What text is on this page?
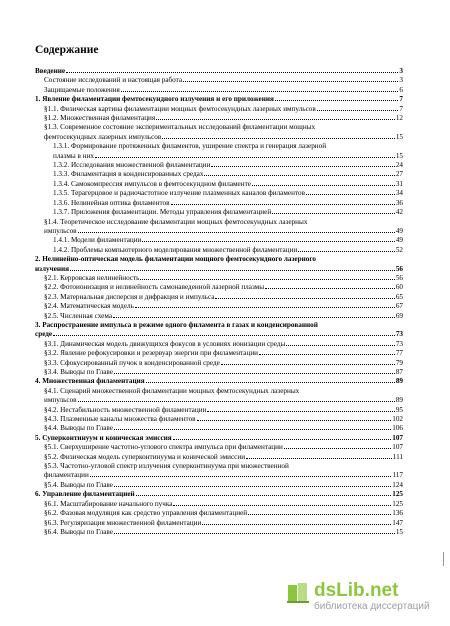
Содержание
Введение	3
Состояние исследований и настоящая работа	3
Защищаемые положения	6
1. Явление филаментации фемтосекундного излучения и его приложения	7
§1.1. Физическая картина филаментации мощных фемтосекундных лазерных импульсов	7
§1.2. Множественная филаментация	12
§1.3. Современное состояние экспериментальных исследований филаментации мощных
фемтосекундных лазерных импульсов	15
1.3.1. Формирование протяженных филаментов, уширение спектра и генерация лазерной
плазмы в них	15
1.3.2. Исследования множественной филаментации	24
1.3.3. Филаментация в конденсированных средах	27
1.3.4. Самокомпрессия импульсов в фемтосекундном филаменте	31
1.3.5. Терагерцовое и радиочастотное излучение плазменных каналов филаментов	34
1.3.6. Нелинейная оптика филаментов	36
1.3.7. Приложения филаментации. Методы управления филаментацией	42
§1.4. Теоретическое исследование филаментации мощных фемтосекундных лазерных
импульсов	49
1.4.1. Модели филаментации	49
1.4.2. Проблемы компьютерного моделирования множественной филаментации	52
2. Нелинейно-оптическая модель филаментации мощного фемтосекундного лазерного
излучения	56
§2.1. Керровская нелинейность	56
§2.2. Фотоионизация и нелинейность самонаведенной лазерной плазмы	60
§2.3. Материальная дисперсия и дифракция и импульса	65
§2.4. Математическая модель	67
§2.5. Численная схема	69
3. Распространение импульса в режиме одного филамента в газах и конденсированной
среде	73
§3.1. Динамическая модель движущихся фокусов в условиях ионизации среды	73
§3.2. Явление рефокусировки и резервуар энергии при филаментации	77
§3.3. Сфокусированный пучок в конденсированной среде	79
§3.4. Выводы по Главе	87
4. Множественная филаментация	89
§4.1. Сценарий множественной филаментации мощных фемтосекундных лазерных
импульсов	89
§4.2. Нестабильность множественной филаментации	95
§4.3. Плазменные каналы множества филаментов	102
§4.4. Выводы по Главе	106
5. Суперконтинуум и коническая эмиссия	107
§5.1. Сверхуширение частотно-углового спектра импульса при филаментации	107
§5.2. Физическая модель суперконтинуума и конической эмиссии	111
§5.3. Частотно-угловой спектр излучения суперконтинуума при множественной
филаментации	117
§5.4. Выводы по Главе	124
6. Управление филаментацией	125
§6.1. Масштабирование начального пучка	125
§6.2. Фазовая модуляция как средство управления филаментацией	136
§6.3. Регуляризация множественной филаментации	147
§6.4. Выводы по Главе	15
dsLib.net
библиотека диссертаций
